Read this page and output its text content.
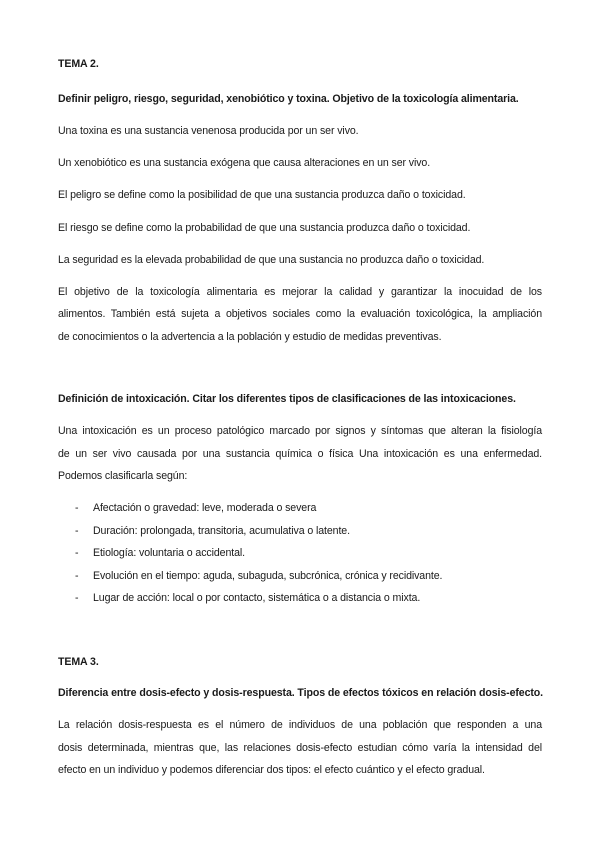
TEMA 2.
Definir peligro, riesgo, seguridad, xenobiótico y toxina. Objetivo de la toxicología alimentaria.
Una toxina es una sustancia venenosa producida por un ser vivo.
Un xenobiótico es una sustancia exógena que causa alteraciones en un ser vivo.
El peligro se define como la posibilidad de que una sustancia produzca daño o toxicidad.
El riesgo se define como la probabilidad de que una sustancia produzca daño o toxicidad.
La seguridad es la elevada probabilidad de que una sustancia no produzca daño o toxicidad.
El objetivo de la toxicología alimentaria es mejorar la calidad y garantizar la inocuidad de los
alimentos. También está sujeta a objetivos sociales como la evaluación toxicológica, la ampliación
de conocimientos o la advertencia a la población y estudio de medidas preventivas.
Definición de intoxicación. Citar los diferentes tipos de clasificaciones de las intoxicaciones.
Una intoxicación es un proceso patológico marcado por signos y síntomas que alteran la fisiología
de un ser vivo causada por una sustancia química o física Una intoxicación es una enfermedad.
Podemos clasificarla según:
- Afectación o gravedad: leve, moderada o severa
- Duración: prolongada, transitoria, acumulativa o latente.
- Etiología: voluntaria o accidental.
- Evolución en el tiempo: aguda, subaguda, subcrónica, crónica y recidivante.
- Lugar de acción: local o por contacto, sistemática o a distancia o mixta.
TEMA 3.
Diferencia entre dosis-efecto y dosis-respuesta. Tipos de efectos tóxicos en relación dosis-efecto.
La relación dosis-respuesta es el número de individuos de una población que responden a una
dosis determinada, mientras que, las relaciones dosis-efecto estudian cómo varía la intensidad del
efecto en un individuo y podemos diferenciar dos tipos: el efecto cuántico y el efecto gradual.
